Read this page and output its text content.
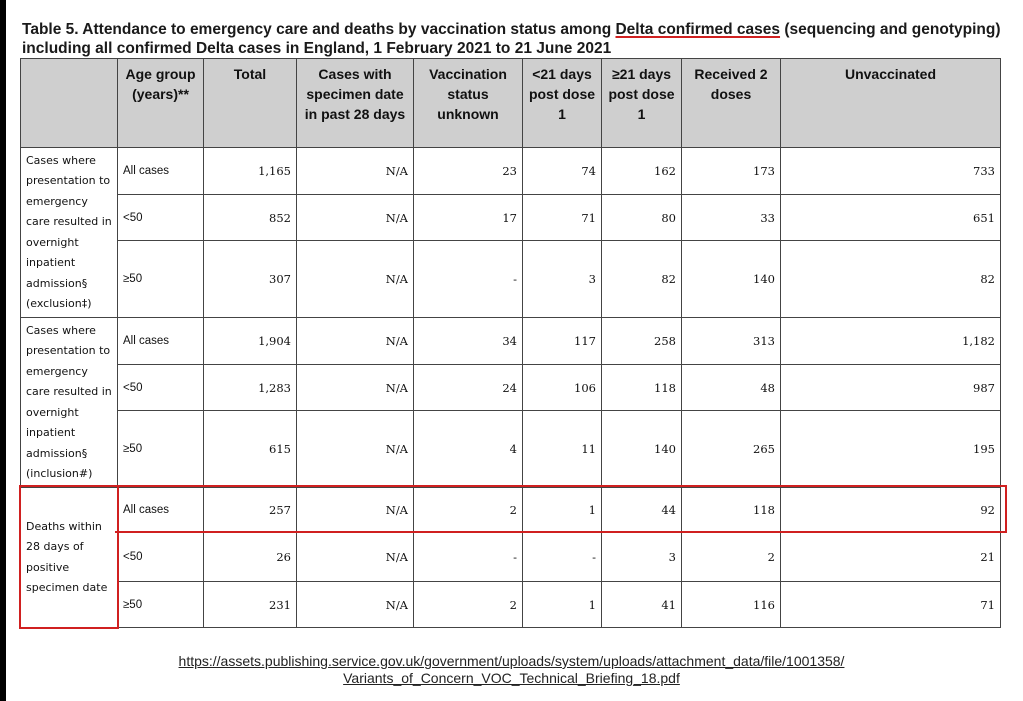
Table 5. Attendance to emergency care and deaths by vaccination status among Delta confirmed cases (sequencing and genotyping) including all confirmed Delta cases in England, 1 February 2021 to 21 June 2021
	Age group (years)**	Total	Cases with specimen date in past 28 days	Vaccination status unknown	<21 days post dose 1	≥21 days post dose 1	Received 2 doses	Unvaccinated
Cases where presentation to emergency care resulted in overnight inpatient admission§ (exclusion‡)	All cases	1,165	N/A	23	74	162	173	733
	<50	852	N/A	17	71	80	33	651
	≥50	307	N/A	-	3	82	140	82
Cases where presentation to emergency care resulted in overnight inpatient admission§ (inclusion#)	All cases	1,904	N/A	34	117	258	313	1,182
	<50	1,283	N/A	24	106	118	48	987
	≥50	615	N/A	4	11	140	265	195
Deaths within 28 days of positive specimen date	All cases	257	N/A	2	1	44	118	92
	<50	26	N/A	-	-	3	2	21
	≥50	231	N/A	2	1	41	116	71
https://assets.publishing.service.gov.uk/government/uploads/system/uploads/attachment_data/file/1001358/
Variants_of_Concern_VOC_Technical_Briefing_18.pdf
